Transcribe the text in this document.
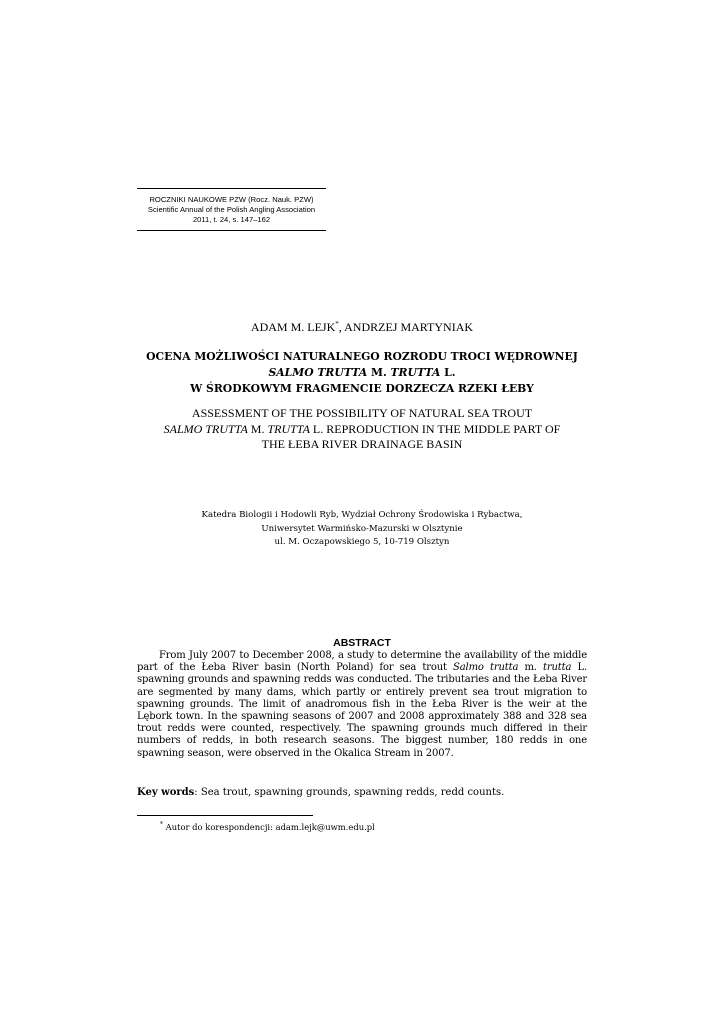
ROCZNIKI NAUKOWE PZW (Rocz. Nauk. PZW)
Scientific Annual of the Polish Angling Association
2011, t. 24, s. 147–162
ADAM M. LEJK*, ANDRZEJ MARTYNIAK
OCENA MOŻLIWOŚCI NATURALNEGO ROZRODU TROCI WĘDROWNEJ
SALMO TRUTTA M. TRUTTA L.
W ŚRODKOWYM FRAGMENCIE DORZECZA RZEKI ŁEBY
ASSESSMENT OF THE POSSIBILITY OF NATURAL SEA TROUT
SALMO TRUTTA M. TRUTTA L. REPRODUCTION IN THE MIDDLE PART OF
THE ŁEBA RIVER DRAINAGE BASIN
Katedra Biologii i Hodowli Ryb, Wydział Ochrony Środowiska i Rybactwa,
Uniwersytet Warmińsko-Mazurski w Olsztynie
ul. M. Oczapowskiego 5, 10-719 Olsztyn
ABSTRACT
From July 2007 to December 2008, a study to determine the availability of the middle part of the Łeba River basin (North Poland) for sea trout Salmo trutta m. trutta L. spawning grounds and spawning redds was conducted. The tributaries and the Łeba River are segmented by many dams, which partly or entirely prevent sea trout migration to spawning grounds. The limit of anadromous fish in the Łeba River is the weir at the Lębork town. In the spawning seasons of 2007 and 2008 approximately 388 and 328 sea trout redds were counted, respectively. The spawning grounds much differed in their numbers of redds, in both research seasons. The biggest number, 180 redds in one spawning season, were observed in the Okalica Stream in 2007.
Key words: Sea trout, spawning grounds, spawning redds, redd counts.
* Autor do korespondencji: adam.lejk@uwm.edu.pl
